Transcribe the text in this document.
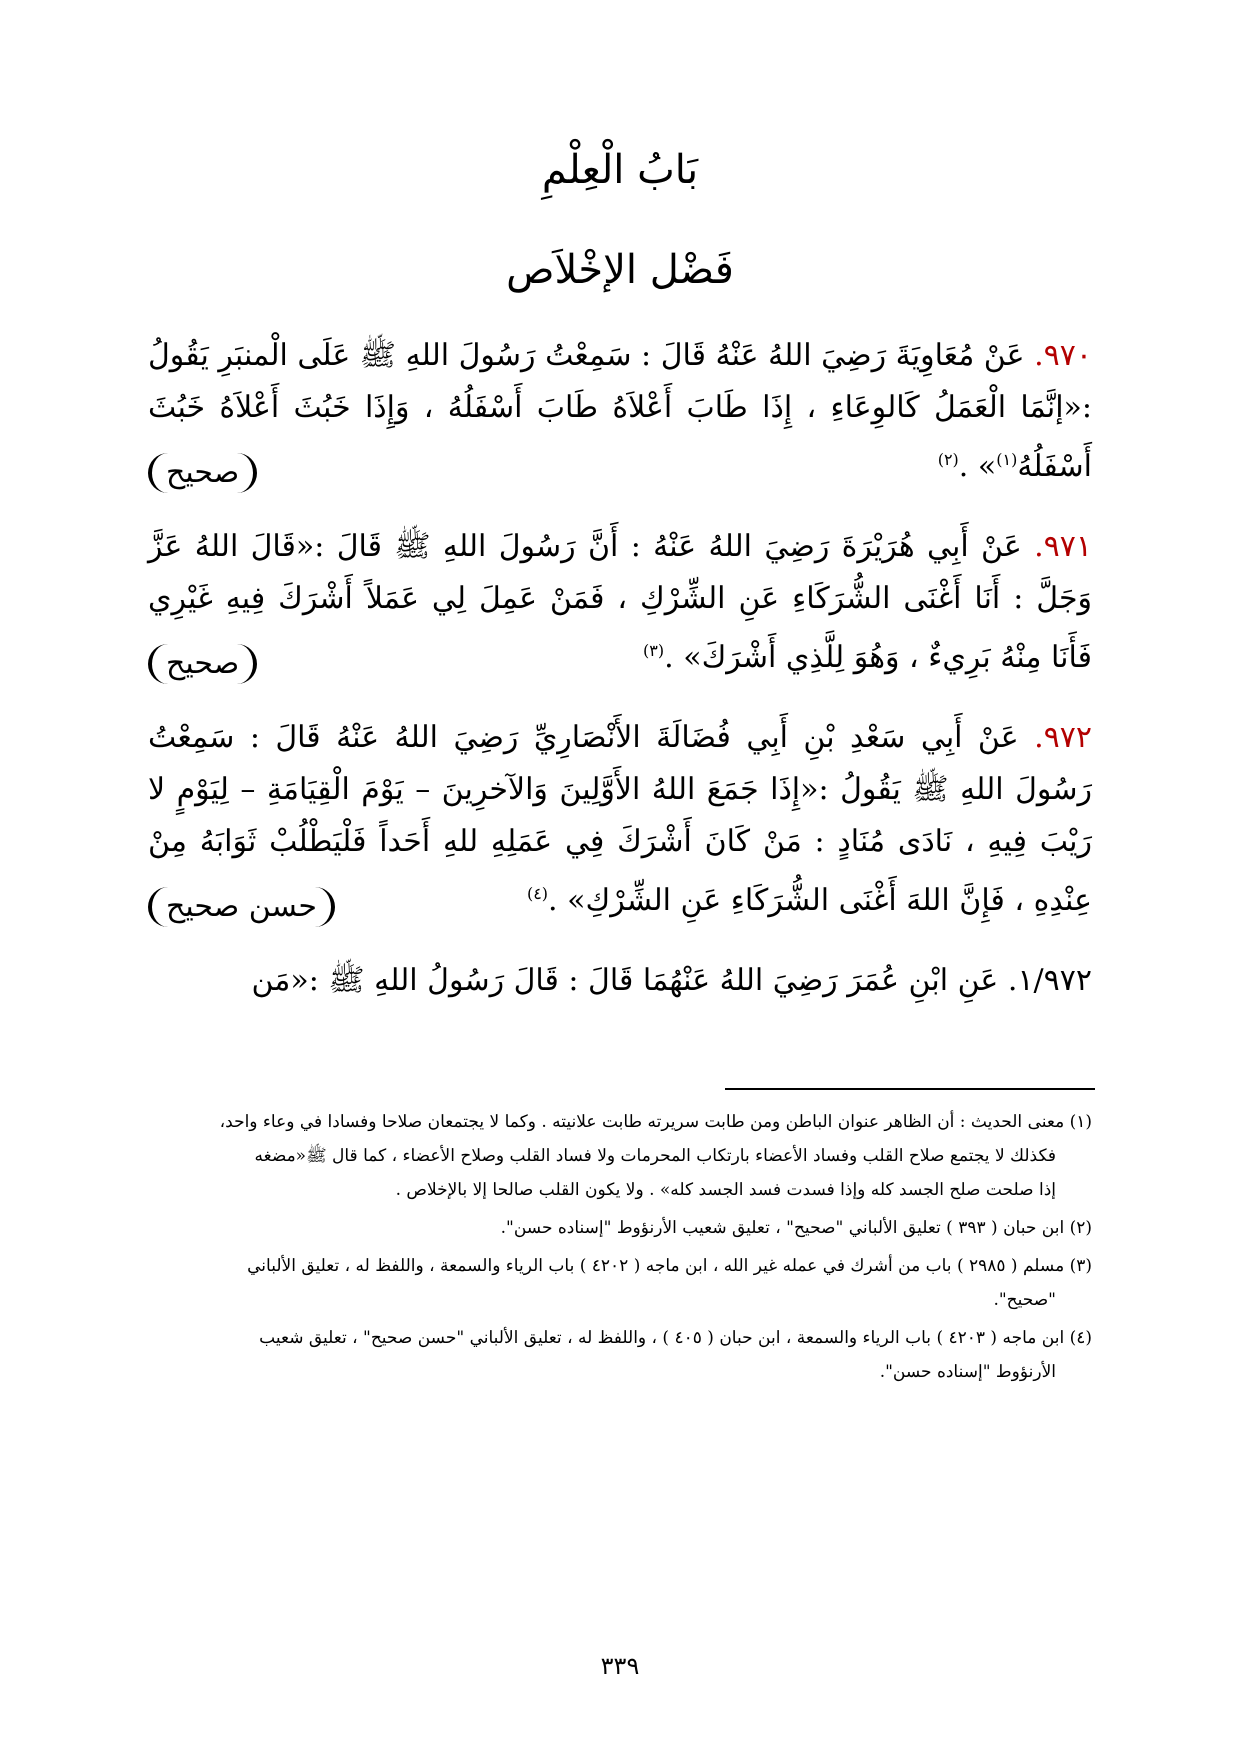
بَابُ الْعِلْمِ
فَضْل الإخْلاَص

٩٧٠. عَنْ مُعَاوِيَةَ رَضِيَ اللهُ عَنْهُ قَالَ : سَمِعْتُ رَسُولَ اللهِ ﷺ عَلَى الْمنبَرِ يَقُولُ :«إنَّمَا الْعَمَلُ كَالوِعَاءِ ، إِذَا طَابَ أَعْلاَهُ طَابَ أَسْفَلُهُ ، وَإِذَا خَبُثَ أَعْلاَهُ خَبُثَ أَسْفَلُهُ$^{(١)}$» .$^{(٢)}$
صحيح

٩٧١. عَنْ أَبِي هُرَيْرَةَ رَضِيَ اللهُ عَنْهُ : أَنَّ رَسُولَ اللهِ ﷺ قَالَ :«قَالَ اللهُ عَزَّ وَجَلَّ : أَنَا أَغْنَى الشُّرَكَاءِ عَنِ الشِّرْكِ ، فَمَنْ عَمِلَ لِي عَمَلاً أَشْرَكَ فِيهِ غَيْرِي فَأَنَا مِنْهُ بَرِيءٌ ، وَهُوَ لِلَّذِي أَشْرَكَ» .$^{(٣)}$
صحيح

٩٧٢. عَنْ أَبِي سَعْدِ بْنِ أَبِي فُضَالَةَ الأَنْصَارِيِّ رَضِيَ اللهُ عَنْهُ قَالَ : سَمِعْتُ رَسُولَ اللهِ ﷺ يَقُولُ :«إِذَا جَمَعَ اللهُ الأَوَّلِينَ وَالآخرِينَ – يَوْمَ الْقِيَامَةِ – لِيَوْمٍ لا رَيْبَ فِيهِ ، نَادَى مُنَادٍ : مَنْ كَانَ أَشْرَكَ فِي عَمَلِهِ للهِ أَحَداً فَلْيَطْلُبْ ثَوَابَهُ مِنْ عِنْدِهِ ، فَإِنَّ اللهَ أَغْنَى الشُّرَكَاءِ عَنِ الشِّرْكِ» .$^{(٤)}$
حسن صحيح

١/٩٧٢. عَنِ ابْنِ عُمَرَ رَضِيَ اللهُ عَنْهُمَا قَالَ : قَالَ رَسُولُ اللهِ ﷺ :«مَن

(١) معنى الحديث : أن الظاهر عنوان الباطن ومن طابت سريرته طابت علانيته . وكما لا يجتمعان صلاحا وفسادا في وعاء واحد،
فكذلك لا يجتمع صلاح القلب وفساد الأعضاء بارتكاب المحرمات ولا فساد القلب وصلاح الأعضاء ، كما قال ﷺ«مضغه
إذا صلحت صلح الجسد كله وإذا فسدت فسد الجسد كله» . ولا يكون القلب صالحا إلا بالإخلاص .
(٢) ابن حبان ( ٣٩٣ ) تعليق الألباني "صحيح" ، تعليق شعيب الأرنؤوط "إسناده حسن".
(٣) مسلم ( ٢٩٨٥ ) باب من أشرك في عمله غير الله ، ابن ماجه ( ٤٢٠٢ ) باب الرياء والسمعة ، واللفظ له ، تعليق الألباني
"صحيح".
(٤) ابن ماجه ( ٤٢٠٣ ) باب الرياء والسمعة ، ابن حبان ( ٤٠٥ ) ، واللفظ له ، تعليق الألباني "حسن صحيح" ، تعليق شعيب
الأرنؤوط "إسناده حسن".
٣٣٩
